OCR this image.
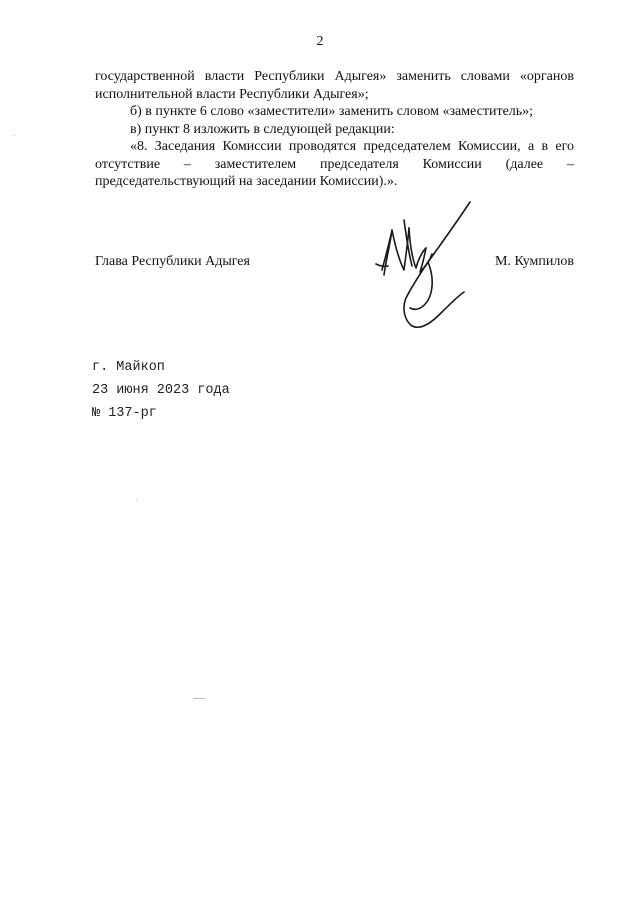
2

государственной власти Республики Адыгея» заменить словами «органов исполнительной власти Республики Адыгея»;

б) в пункте 6 слово «заместители» заменить словом «заместитель»;

в) пункт 8 изложить в следующей редакции:

«8. Заседания Комиссии проводятся председателем Комиссии, а в его отсутствие – заместителем председателя Комиссии (далее – председательствующий на заседании Комиссии).».

Глава Республики Адыгея	М. Кумпилов
г. Майкоп
23 июня 2023 года
№ 137-рг
